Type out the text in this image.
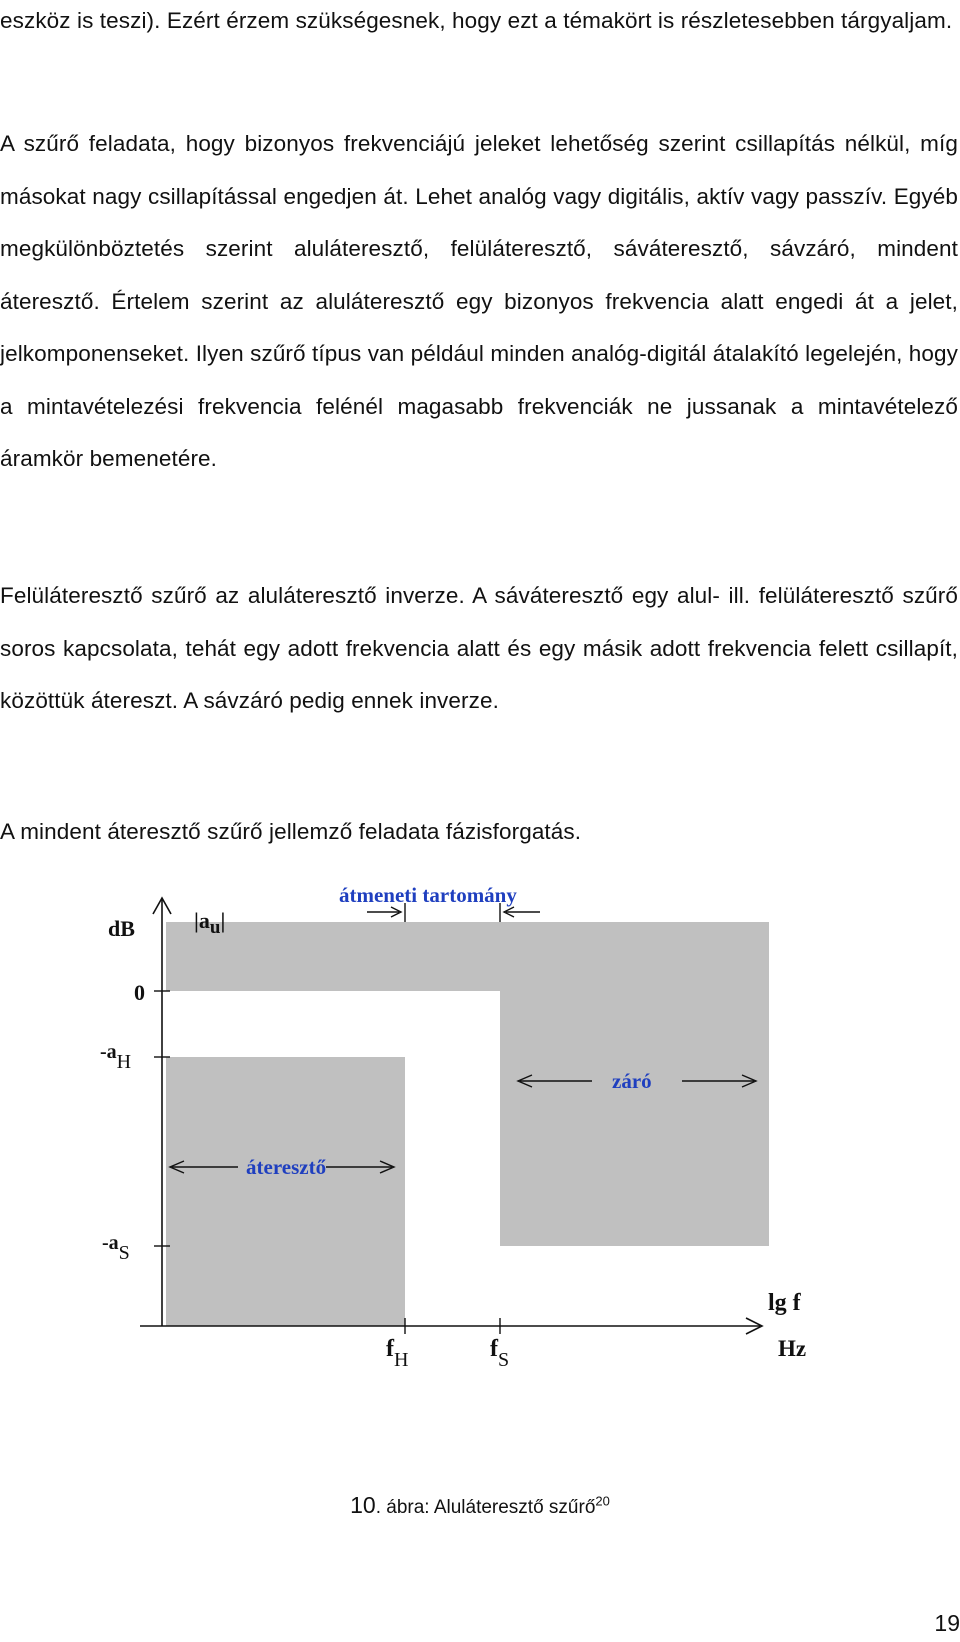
eszköz is teszi). Ezért érzem szükségesnek, hogy ezt a témakört is részletesebben tárgyaljam.

A szűrő feladata, hogy bizonyos frekvenciájú jeleket lehetőség szerint csillapítás nélkül, míg másokat nagy csillapítással engedjen át. Lehet analóg vagy digitális, aktív vagy passzív. Egyéb megkülönböztetés szerint aluláteresztő, felüláteresztő, sáváteresztő, sávzáró, mindent áteresztő. Értelem szerint az aluláteresztő egy bizonyos frekvencia alatt engedi át a jelet, jelkomponenseket. Ilyen szűrő típus van például minden analóg-digitál átalakító legelején, hogy a mintavételezési frekvencia felénél magasabb frekvenciák ne jussanak a mintavételező áramkör bemenetére.

Felüláteresztő szűrő az aluláteresztő inverze. A sáváteresztő egy alul- ill. felüláteresztő szűrő soros kapcsolata, tehát egy adott frekvencia alatt és egy másik adott frekvencia felett csillapít, közöttük átereszt. A sávzáró pedig ennek inverze.

A mindent áteresztő szűrő jellemző feladata fázisforgatás.

dB	|au|
átmeneti tartomány
0
-aH
-aS
áteresztő
záró
lg f
Hz
$f_H$	$f_S$

10. ábra: Aluláteresztő szűrő$^{20}$

19
